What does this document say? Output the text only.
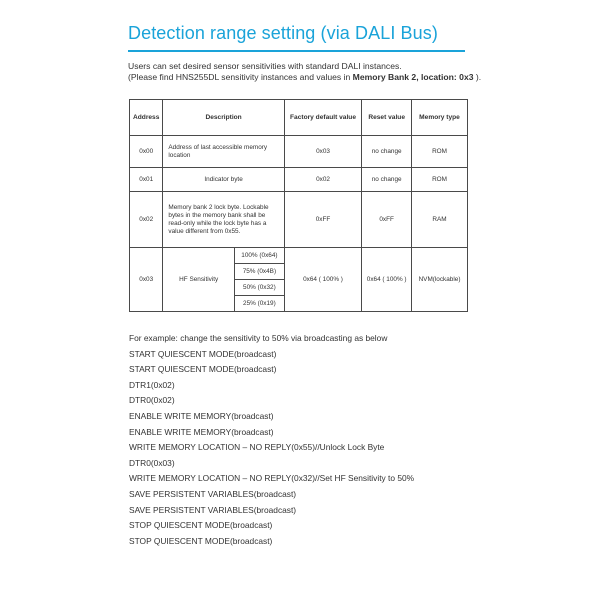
Detection range setting (via DALI Bus)
Users can set desired sensor sensitivities with standard DALI instances.
(Please find HNS255DL sensitivity instances and values in Memory Bank 2, location: 0x3 ).
Address	Description		Factory default value	Reset value	Memory type
0x00	Address of last accessible memory location		0x03	no change	ROM
0x01	Indicator byte		0x02	no change	ROM
0x02	Memory bank 2 lock byte. Lockable bytes in the memory bank shall be read-only while the lock byte has a value different from 0x55.		0xFF	0xFF	RAM
0x03	HF Sensitivity	100% (0x64)	0x64 ( 100% )	0x64 ( 100% )	NVM(lockable)
		75% (0x4B)			
		50% (0x32)			
		25% (0x19)			
For example: change the sensitivity to 50% via broadcasting as below
START QUIESCENT MODE(broadcast)
START QUIESCENT MODE(broadcast)
DTR1(0x02)
DTR0(0x02)
ENABLE WRITE MEMORY(broadcast)
ENABLE WRITE MEMORY(broadcast)
WRITE MEMORY LOCATION – NO REPLY(0x55)//Unlock Lock Byte
DTR0(0x03)
WRITE MEMORY LOCATION – NO REPLY(0x32)//Set HF Sensitivity to 50%
SAVE PERSISTENT VARIABLES(broadcast)
SAVE PERSISTENT VARIABLES(broadcast)
STOP QUIESCENT MODE(broadcast)
STOP QUIESCENT MODE(broadcast)
